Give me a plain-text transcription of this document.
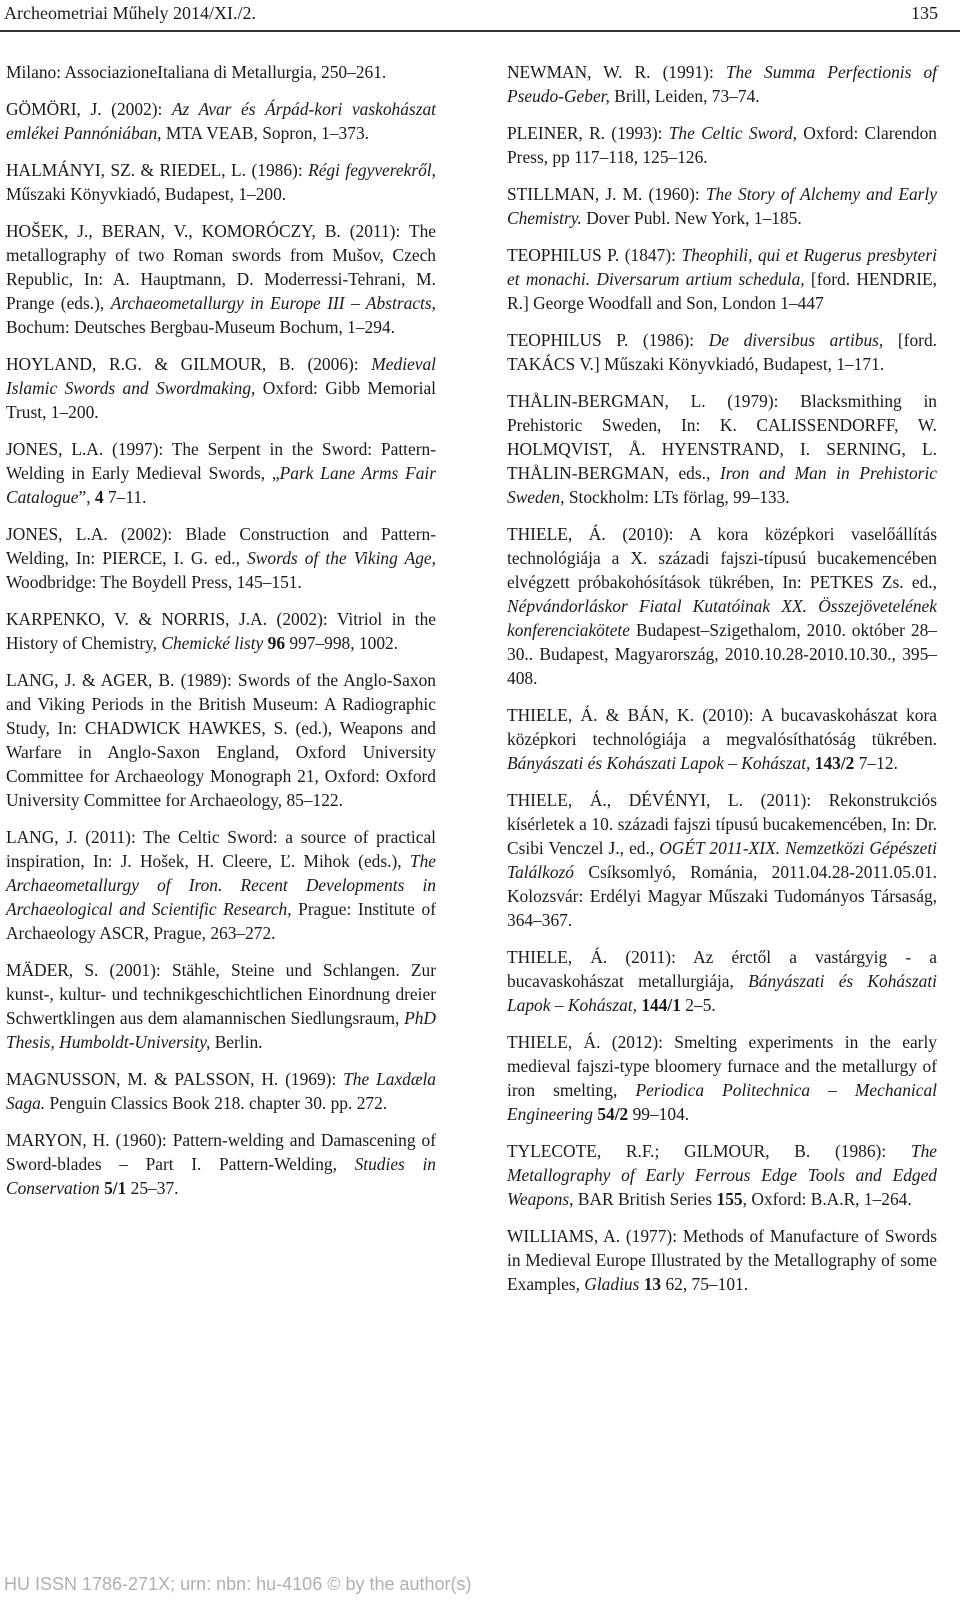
Archeometriai Műhely 2014/XI./2.	135

Milano: AssociazioneItaliana di Metallurgia, 250–261.

GÖMÖRI, J. (2002): Az Avar és Árpád-kori vaskohászat emlékei Pannóniában, MTA VEAB, Sopron, 1–373.

HALMÁNYI, SZ. & RIEDEL, L. (1986): Régi fegyverekről, Műszaki Könyvkiadó, Budapest, 1–200.

HOŠEK, J., BERAN, V., KOMORÓCZY, B. (2011): The metallography of two Roman swords from Mušov, Czech Republic, In: A. Hauptmann, D. Moderressi-Tehrani, M. Prange (eds.), Archaeometallurgy in Europe III – Abstracts, Bochum: Deutsches Bergbau-Museum Bochum, 1–294.

HOYLAND, R.G. & GILMOUR, B. (2006): Medieval Islamic Swords and Swordmaking, Oxford: Gibb Memorial Trust, 1–200.

JONES, L.A. (1997): The Serpent in the Sword: Pattern-Welding in Early Medieval Swords, „Park Lane Arms Fair Catalogue”, 4 7–11.

JONES, L.A. (2002): Blade Construction and Pattern-Welding, In: PIERCE, I. G. ed., Swords of the Viking Age, Woodbridge: The Boydell Press, 145–151.

KARPENKO, V. & NORRIS, J.A. (2002): Vitriol in the History of Chemistry, Chemické listy 96 997–998, 1002.

LANG, J. & AGER, B. (1989): Swords of the Anglo-Saxon and Viking Periods in the British Museum: A Radiographic Study, In: CHADWICK HAWKES, S. (ed.), Weapons and Warfare in Anglo-Saxon England, Oxford University Committee for Archaeology Monograph 21, Oxford: Oxford University Committee for Archaeology, 85–122.

LANG, J. (2011): The Celtic Sword: a source of practical inspiration, In: J. Hošek, H. Cleere, Ľ. Mihok (eds.), The Archaeometallurgy of Iron. Recent Developments in Archaeological and Scientific Research, Prague: Institute of Archaeology ASCR, Prague, 263–272.

MÄDER, S. (2001): Stähle, Steine und Schlangen. Zur kunst-, kultur- und technikgeschichtlichen Einordnung dreier Schwertklingen aus dem alamannischen Siedlungsraum, PhD Thesis, Humboldt-University, Berlin.

MAGNUSSON, M. & PALSSON, H. (1969): The Laxdæla Saga. Penguin Classics Book 218. chapter 30. pp. 272.

MARYON, H. (1960): Pattern-welding and Damascening of Sword-blades – Part I. Pattern-Welding, Studies in Conservation 5/1 25–37.

NEWMAN, W. R. (1991): The Summa Perfectionis of Pseudo-Geber, Brill, Leiden, 73–74.

PLEINER, R. (1993): The Celtic Sword, Oxford: Clarendon Press, pp 117–118, 125–126.

STILLMAN, J. M. (1960): The Story of Alchemy and Early Chemistry. Dover Publ. New York, 1–185.

TEOPHILUS P. (1847): Theophili, qui et Rugerus presbyteri et monachi. Diversarum artium schedula, [ford. HENDRIE, R.] George Woodfall and Son, London 1–447

TEOPHILUS P. (1986): De diversibus artibus, [ford. TAKÁCS V.] Műszaki Könyvkiadó, Budapest, 1–171.

THÅLIN-BERGMAN, L. (1979): Blacksmithing in Prehistoric Sweden, In: K. CALISSENDORFF, W. HOLMQVIST, Å. HYENSTRAND, I. SERNING, L. THÅLIN-BERGMAN, eds., Iron and Man in Prehistoric Sweden, Stockholm: LTs förlag, 99–133.

THIELE, Á. (2010): A kora középkori vaselőállítás technológiája a X. századi fajszi-típusú bucakemencében elvégzett próbakohósítások tükrében, In: PETKES Zs. ed., Népvándorláskor Fiatal Kutatóinak XX. Összejövetelének konferenciakötete Budapest–Szigethalom, 2010. október 28–30.. Budapest, Magyarország, 2010.10.28-2010.10.30., 395–408.

THIELE, Á. & BÁN, K. (2010): A bucavaskohászat kora középkori technológiája a megvalósíthatóság tükrében. Bányászati és Kohászati Lapok – Kohászat, 143/2 7–12.

THIELE, Á., DÉVÉNYI, L. (2011): Rekonstrukciós kísérletek a 10. századi fajszi típusú bucakemencében, In: Dr. Csibi Venczel J., ed., OGÉT 2011-XIX. Nemzetközi Gépészeti Találkozó Csíksomlyó, Románia, 2011.04.28-2011.05.01. Kolozsvár: Erdélyi Magyar Műszaki Tudományos Társaság, 364–367.

THIELE, Á. (2011): Az érctől a vastárgyig - a bucavaskohászat metallurgiája, Bányászati és Kohászati Lapok – Kohászat, 144/1 2–5.

THIELE, Á. (2012): Smelting experiments in the early medieval fajszi-type bloomery furnace and the metallurgy of iron smelting, Periodica Politechnica – Mechanical Engineering 54/2 99–104.

TYLECOTE, R.F.; GILMOUR, B. (1986): The Metallography of Early Ferrous Edge Tools and Edged Weapons, BAR British Series 155, Oxford: B.A.R, 1–264.

WILLIAMS, A. (1977): Methods of Manufacture of Swords in Medieval Europe Illustrated by the Metallography of some Examples, Gladius 13 62, 75–101.

HU ISSN 1786-271X; urn: nbn: hu-4106 © by the author(s)
